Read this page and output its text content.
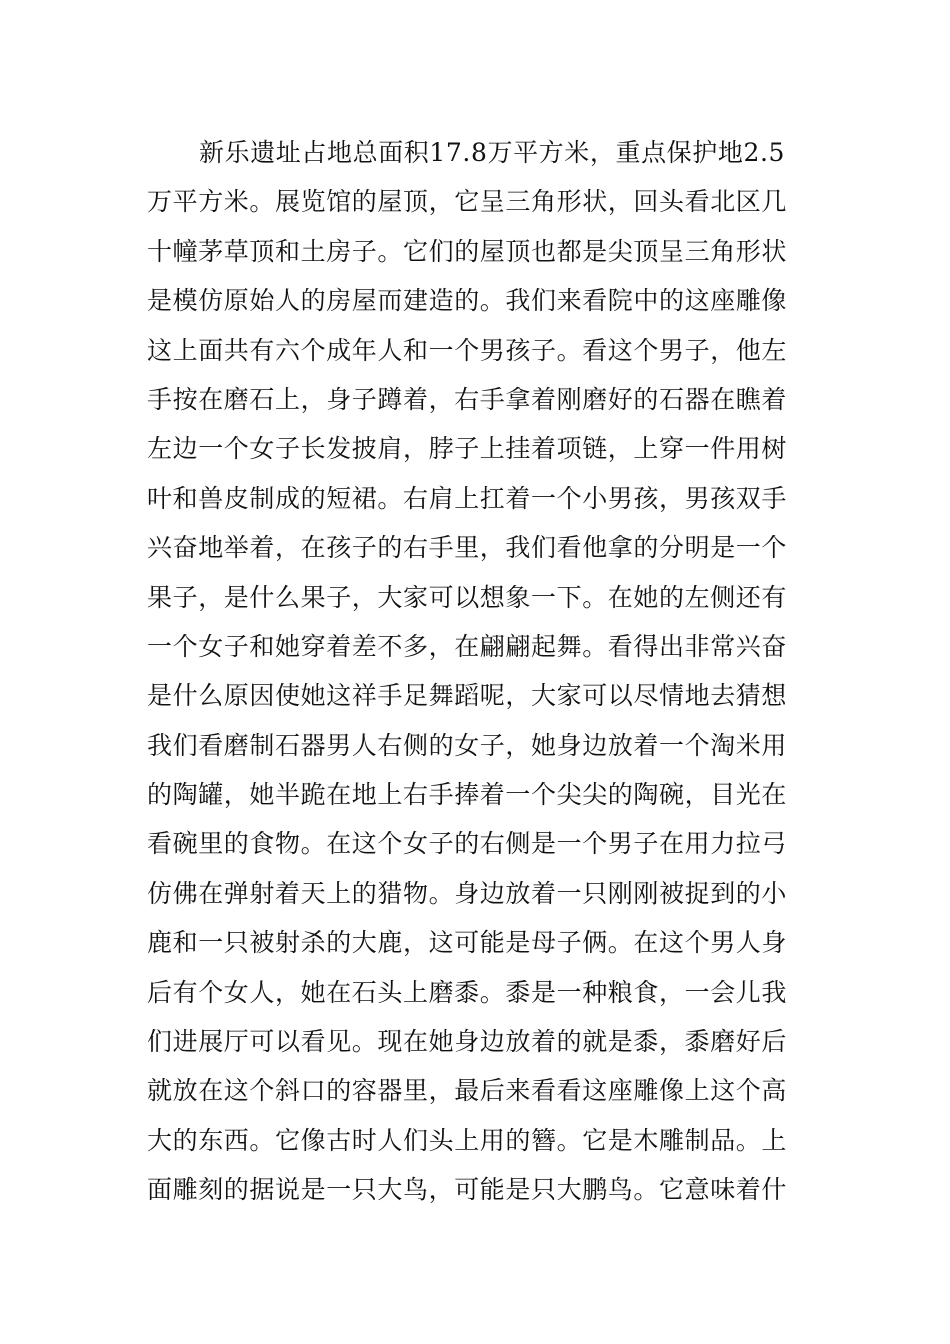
新乐遗址占地总面积17.8万平方米，重点保护地2.5
万平方米。展览馆的屋顶，它呈三角形状，回头看北区几
十幢茅草顶和土房子。它们的屋顶也都是尖顶呈三角形状
是模仿原始人的房屋而建造的。我们来看院中的这座雕像
这上面共有六个成年人和一个男孩子。看这个男子，他左
手按在磨石上，身子蹲着，右手拿着刚磨好的石器在瞧着
左边一个女子长发披肩，脖子上挂着项链，上穿一件用树
叶和兽皮制成的短裙。右肩上扛着一个小男孩，男孩双手
兴奋地举着，在孩子的右手里，我们看他拿的分明是一个
果子，是什么果子，大家可以想象一下。在她的左侧还有
一个女子和她穿着差不多，在翩翩起舞。看得出非常兴奋
是什么原因使她这祥手足舞蹈呢，大家可以尽情地去猜想
我们看磨制石器男人右侧的女子，她身边放着一个淘米用
的陶罐，她半跪在地上右手捧着一个尖尖的陶碗，目光在
看碗里的食物。在这个女子的右侧是一个男子在用力拉弓
仿佛在弹射着天上的猎物。身边放着一只刚刚被捉到的小
鹿和一只被射杀的大鹿，这可能是母子俩。在这个男人身
后有个女人，她在石头上磨黍。黍是一种粮食，一会儿我
们进展厅可以看见。现在她身边放着的就是黍，黍磨好后
就放在这个斜口的容器里，最后来看看这座雕像上这个高
大的东西。它像古时人们头上用的簪。它是木雕制品。上
面雕刻的据说是一只大鸟，可能是只大鹏鸟。它意味着什
